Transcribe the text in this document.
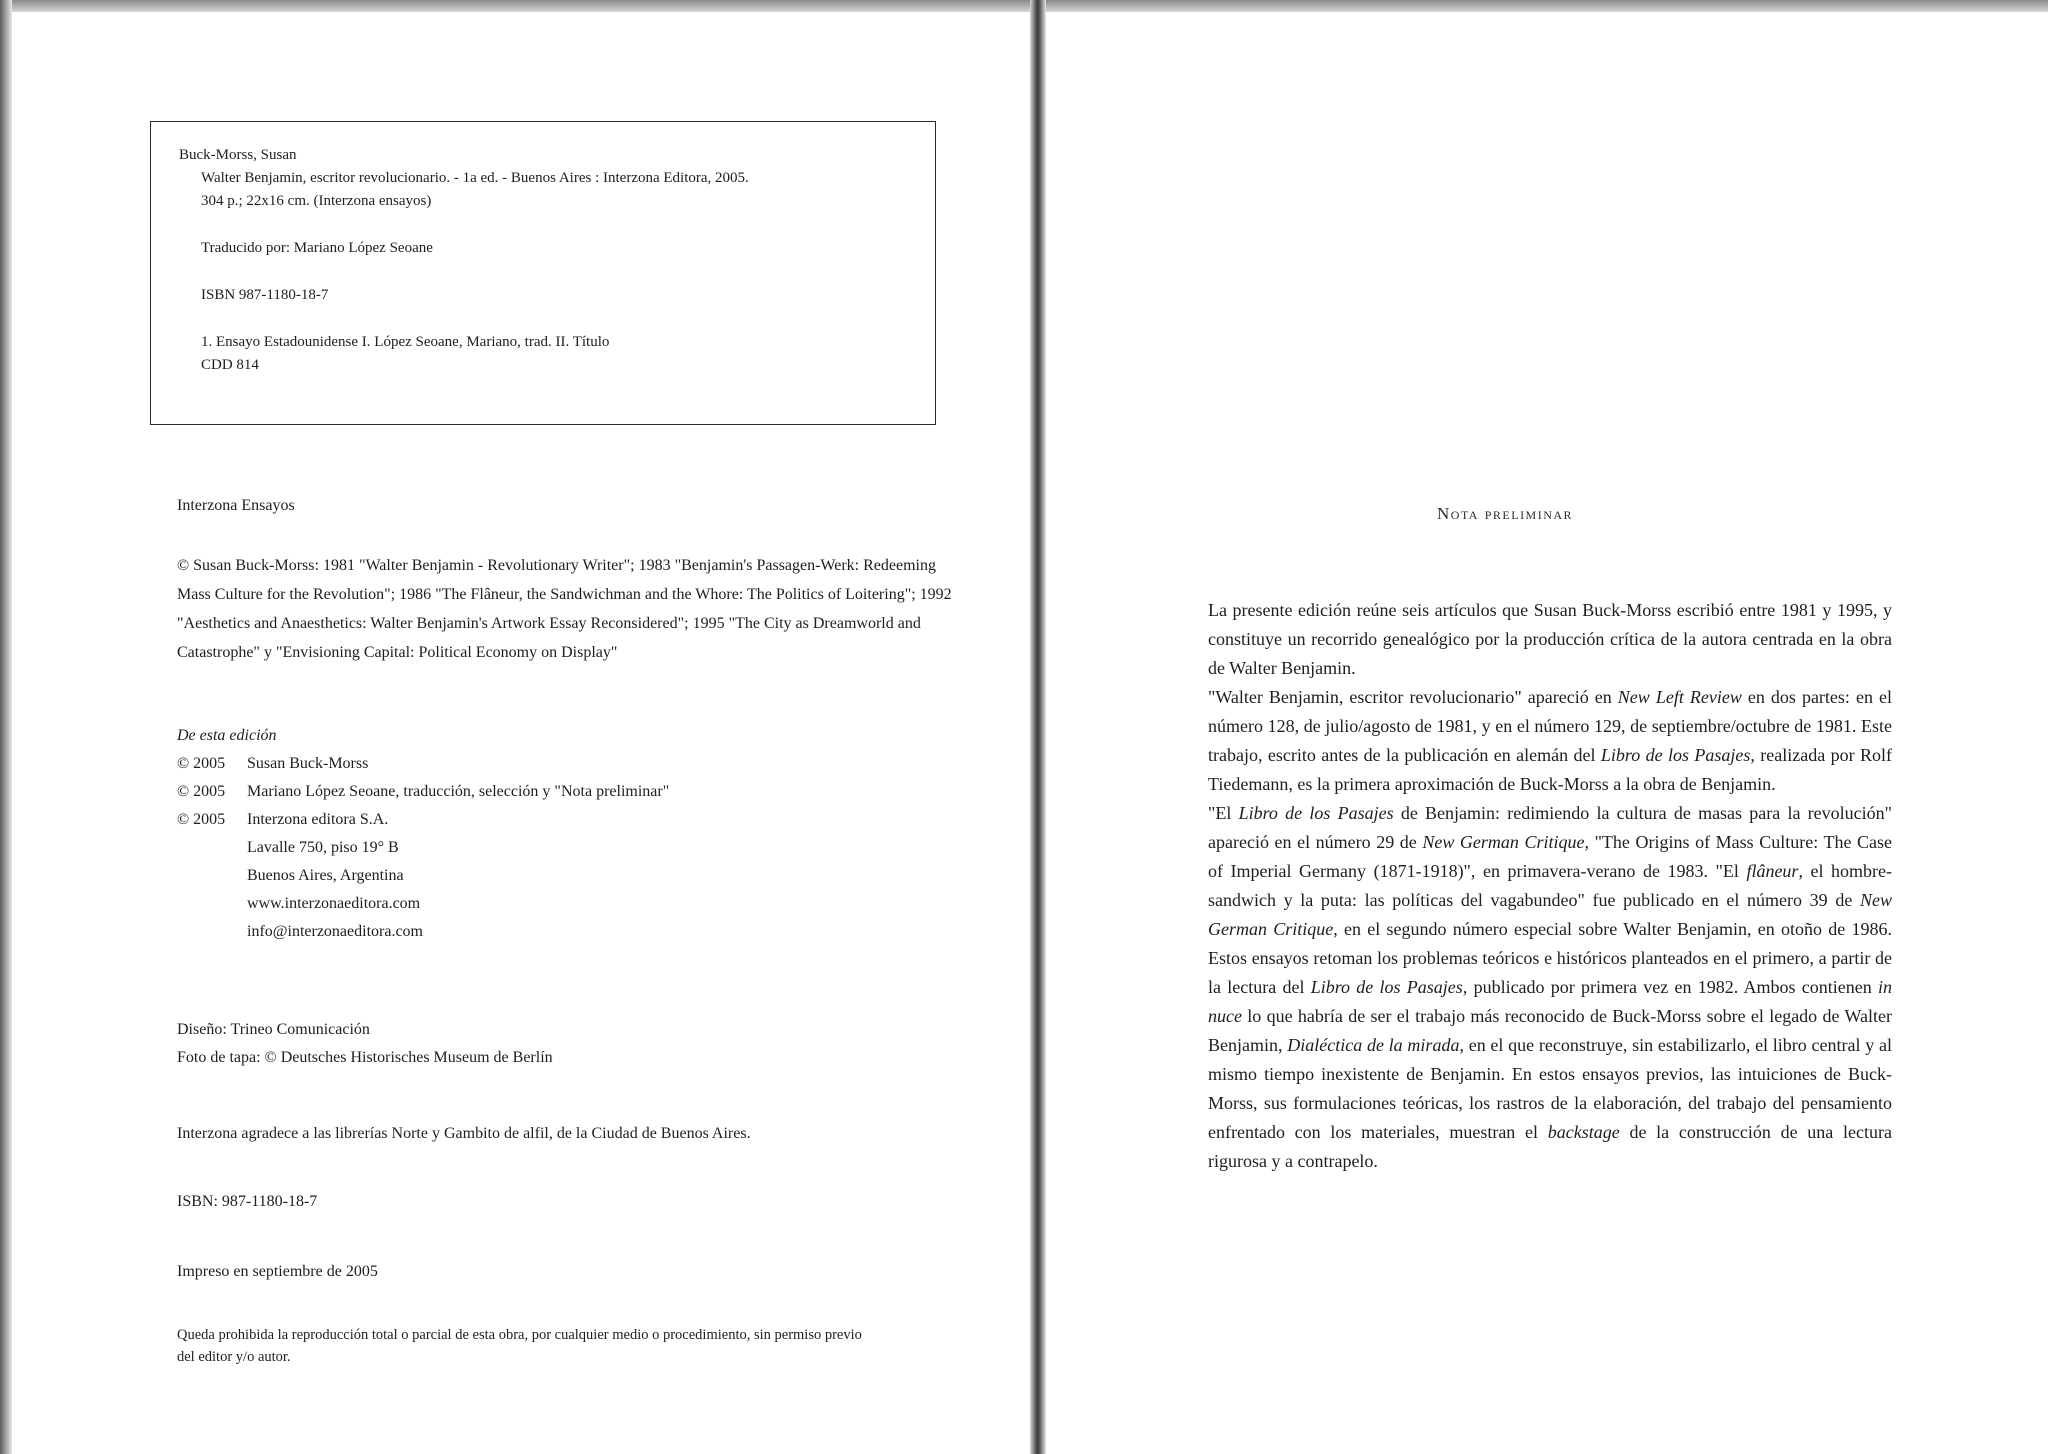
Buck-Morss, Susan

Walter Benjamin, escritor revolucionario. - 1a ed. - Buenos Aires : Interzona Editora, 2005.

304 p.; 22x16 cm. (Interzona ensayos)

Traducido por: Mariano López Seoane

ISBN 987-1180-18-7

1. Ensayo Estadounidense I. López Seoane, Mariano, trad. II. Título

CDD 814

Interzona Ensayos

© Susan Buck-Morss: 1981 "Walter Benjamin - Revolutionary Writer"; 1983 "Benjamin's Passagen-Werk: Redeeming Mass Culture for the Revolution"; 1986 "The Flâneur, the Sandwichman and the Whore: The Politics of Loitering"; 1992 "Aesthetics and Anaesthetics: Walter Benjamin's Artwork Essay Reconsidered"; 1995 "The City as Dreamworld and Catastrophe" y "Envisioning Capital: Political Economy on Display"

De esta edición

© 2005	Susan Buck-Morss
© 2005	Mariano López Seoane, traducción, selección y "Nota preliminar"
© 2005	Interzona editora S.A.

Lavalle 750, piso 19° B

Buenos Aires, Argentina

www.interzonaeditora.com

info@interzonaeditora.com

Diseño: Trineo Comunicación

Foto de tapa: © Deutsches Historisches Museum de Berlín

Interzona agradece a las librerías Norte y Gambito de alfil, de la Ciudad de Buenos Aires.

ISBN: 987-1180-18-7

Impreso en septiembre de 2005

Queda prohibida la reproducción total o parcial de esta obra, por cualquier medio o procedimiento, sin permiso previo del editor y/o autor.

Nota preliminar

La presente edición reúne seis artículos que Susan Buck-Morss escribió entre 1981 y 1995, y constituye un recorrido genealógico por la producción crítica de la autora centrada en la obra de Walter Benjamin.

"Walter Benjamin, escritor revolucionario" apareció en New Left Review en dos partes: en el número 128, de julio/agosto de 1981, y en el número 129, de septiembre/octubre de 1981. Este trabajo, escrito antes de la publicación en alemán del Libro de los Pasajes, realizada por Rolf Tiedemann, es la primera aproximación de Buck-Morss a la obra de Benjamin.

"El Libro de los Pasajes de Benjamin: redimiendo la cultura de masas para la revolución" apareció en el número 29 de New German Critique, "The Origins of Mass Culture: The Case of Imperial Germany (1871-1918)", en primavera-verano de 1983. "El flâneur, el hombre-sandwich y la puta: las políticas del vagabundeo" fue publicado en el número 39 de New German Critique, en el segundo número especial sobre Walter Benjamin, en otoño de 1986. Estos ensayos retoman los problemas teóricos e históricos planteados en el primero, a partir de la lectura del Libro de los Pasajes, publicado por primera vez en 1982. Ambos contienen in nuce lo que habría de ser el trabajo más reconocido de Buck-Morss sobre el legado de Walter Benjamin, Dialéctica de la mirada, en el que reconstruye, sin estabilizarlo, el libro central y al mismo tiempo inexistente de Benjamin. En estos ensayos previos, las intuiciones de Buck-Morss, sus formulaciones teóricas, los rastros de la elaboración, del trabajo del pensamiento enfrentado con los materiales, muestran el backstage de la construcción de una lectura rigurosa y a contrapelo.
